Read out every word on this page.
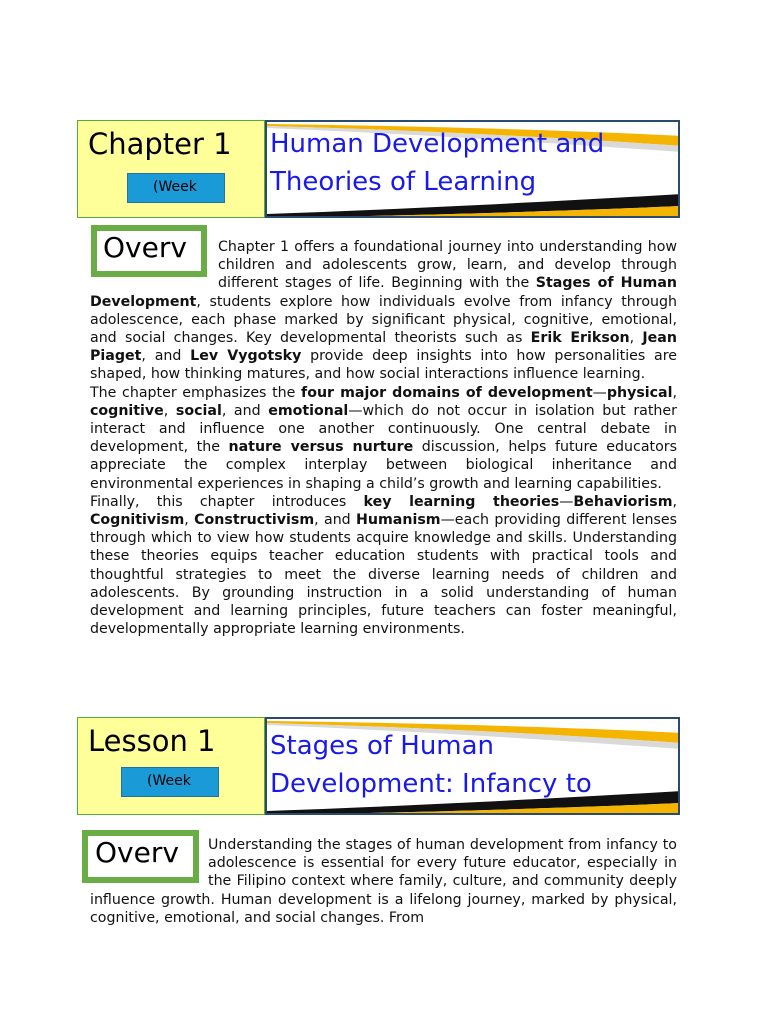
Chapter 1
(Week
Human Development and Theories of Learning

Chapter 1 offers a foundational journey into understanding how children and adolescents grow, learn, and develop through different stages of life. Beginning with the Stages of Human Development, students explore how individuals evolve from infancy through adolescence, each phase marked by significant physical, cognitive, emotional, and social changes. Key developmental theorists such as Erik Erikson, Jean Piaget, and Lev Vygotsky provide deep insights into how personalities are shaped, how thinking matures, and how social interactions influence learning.

The chapter emphasizes the four major domains of development—physical, cognitive, social, and emotional—which do not occur in isolation but rather interact and influence one another continuously. One central debate in development, the nature versus nurture discussion, helps future educators appreciate the complex interplay between biological inheritance and environmental experiences in shaping a child’s growth and learning capabilities.

Finally, this chapter introduces key learning theories—Behaviorism, Cognitivism, Constructivism, and Humanism—each providing different lenses through which to view how students acquire knowledge and skills. Understanding these theories equips teacher education students with practical tools and thoughtful strategies to meet the diverse learning needs of children and adolescents. By grounding instruction in a solid understanding of human development and learning principles, future teachers can foster meaningful, developmentally appropriate learning environments.

Overv
Lesson 1
(Week
Stages of Human Development: Infancy to

Understanding the stages of human development from infancy to adolescence is essential for every future educator, especially in the Filipino context where family, culture, and community deeply influence growth. Human development is a lifelong journey, marked by physical, cognitive, emotional, and social changes. From

Overv
